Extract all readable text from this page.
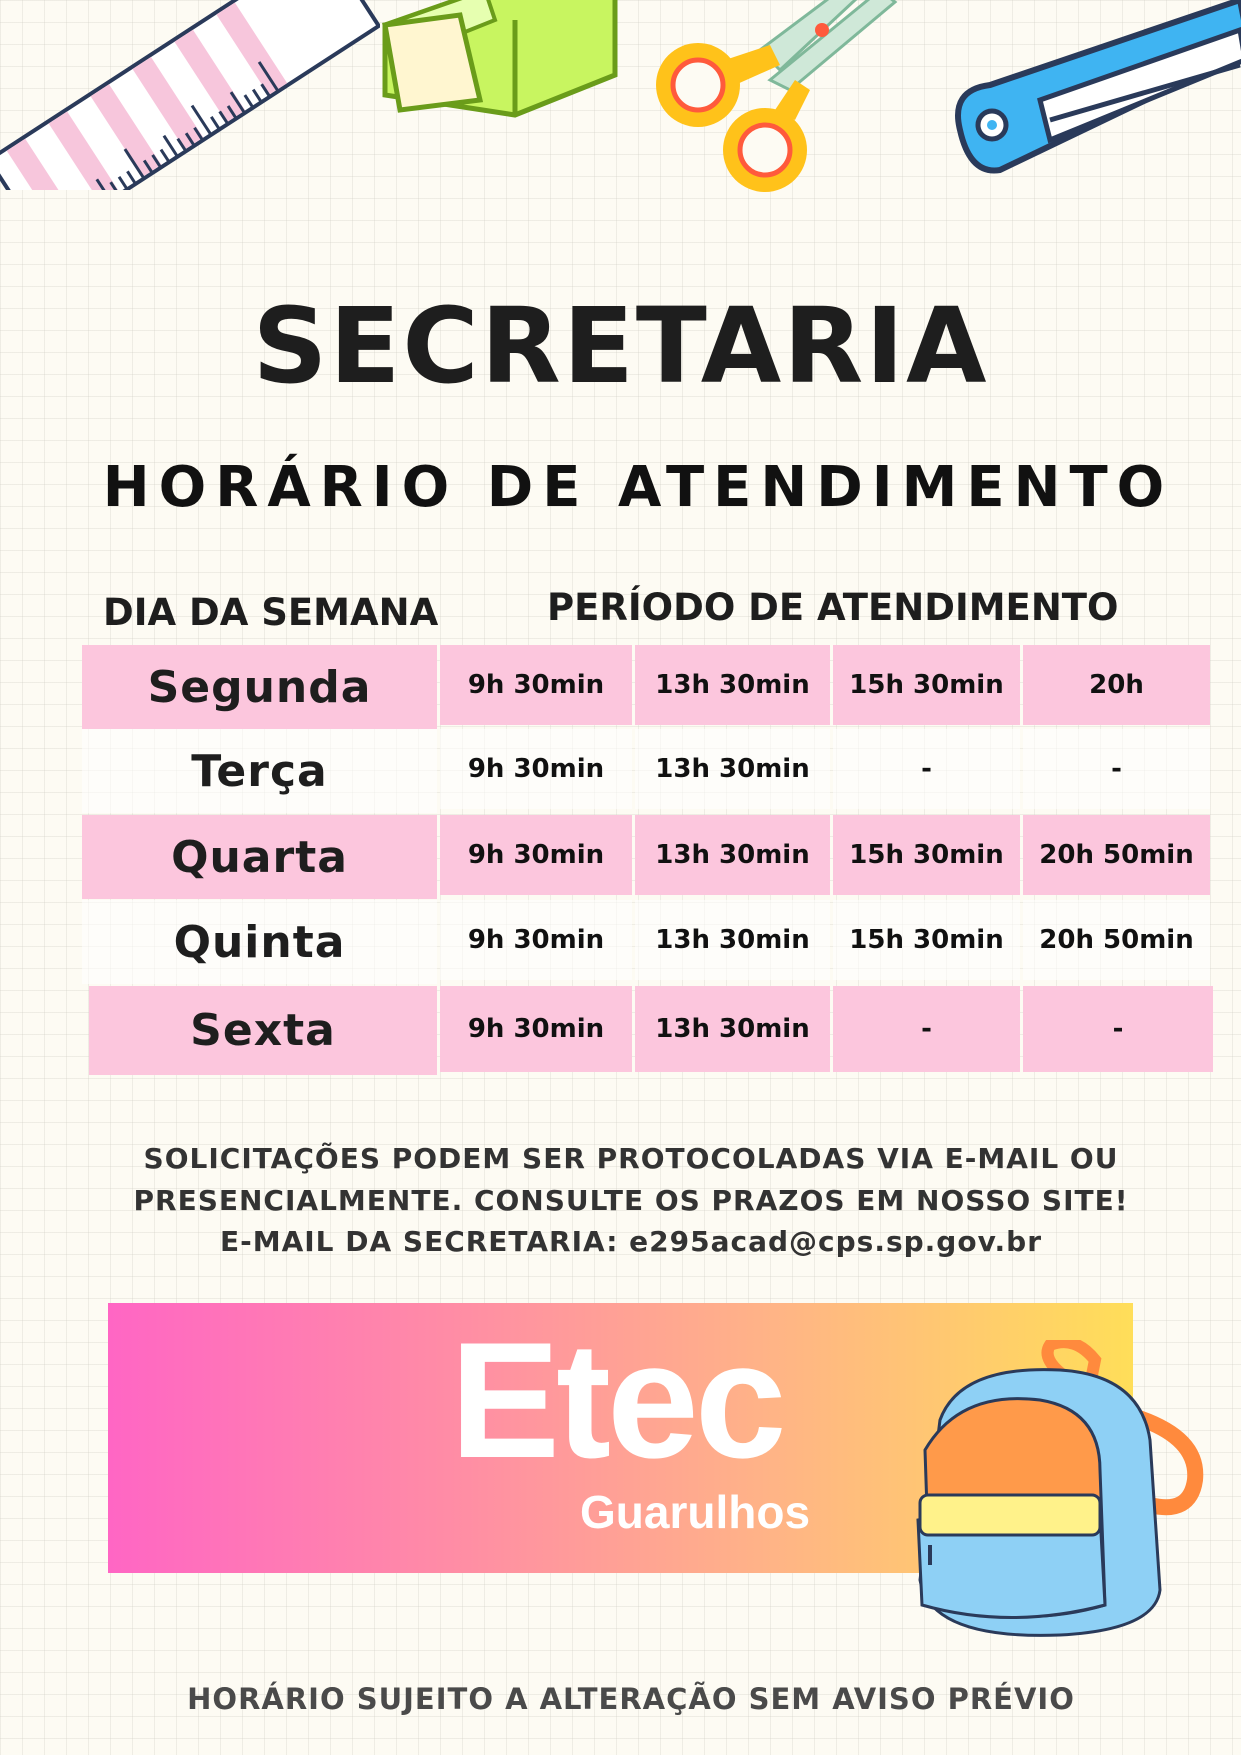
SECRETARIA
HORÁRIO DE ATENDIMENTO
DIA DA SEMANA	PERÍODO DE ATENDIMENTO
Segunda	9h 30min	13h 30min	15h 30min	20h
Terça	9h 30min	13h 30min	-	-
Quarta	9h 30min	13h 30min	15h 30min	20h 50min
Quinta	9h 30min	13h 30min	15h 30min	20h 50min
Sexta	9h 30min	13h 30min	-	-
SOLICITAÇÕES PODEM SER PROTOCOLADAS VIA E-MAIL OU
PRESENCIALMENTE. CONSULTE OS PRAZOS EM NOSSO SITE!
E-MAIL DA SECRETARIA: e295acad@cps.sp.gov.br
Etec
Guarulhos
HORÁRIO SUJEITO A ALTERAÇÃO SEM AVISO PRÉVIO
